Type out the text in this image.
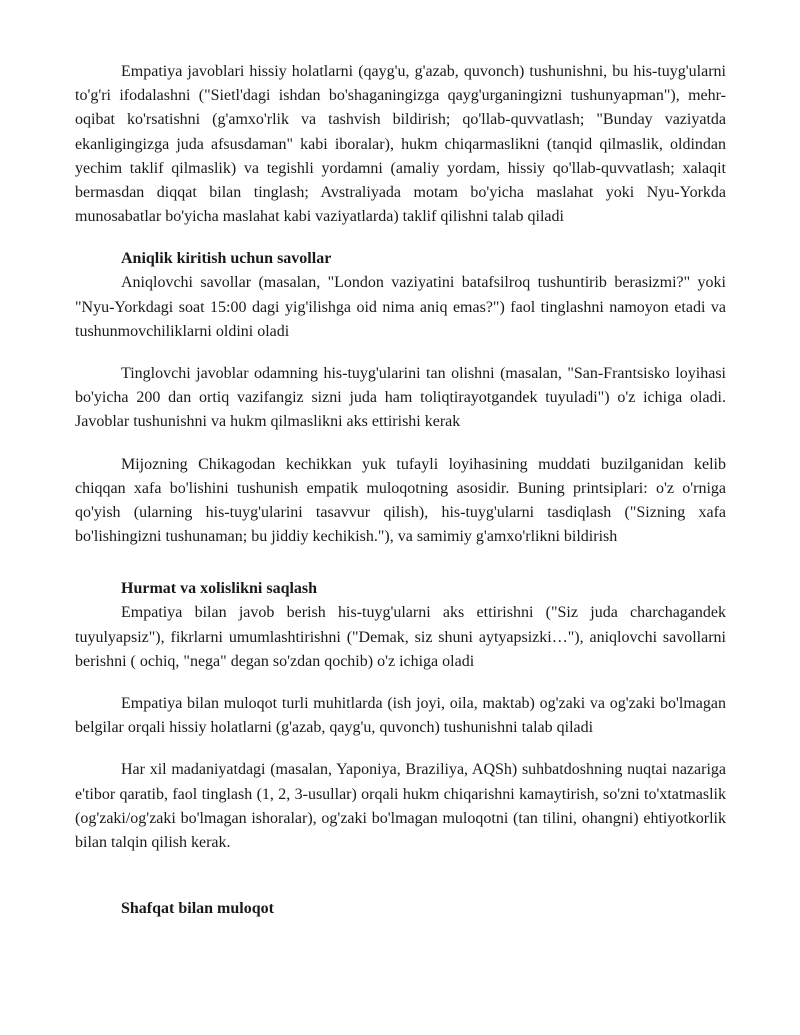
Empatiya javoblari hissiy holatlarni (qayg'u, g'azab, quvonch) tushunishni, bu his-tuyg'ularni to'g'ri ifodalashni ("Sietl'dagi ishdan bo'shaganingizga qayg'urganingizni tushunyapman"), mehr-oqibat ko'rsatishni (g'amxo'rlik va tashvish bildirish; qo'llab-quvvatlash; "Bunday vaziyatda ekanligingizga juda afsusdaman" kabi iboralar), hukm chiqarmaslikni (tanqid qilmaslik, oldindan yechim taklif qilmaslik) va tegishli yordamni (amaliy yordam, hissiy qo'llab-quvvatlash; xalaqit bermasdan diqqat bilan tinglash; Avstraliyada motam bo'yicha maslahat yoki Nyu-Yorkda munosabatlar bo'yicha maslahat kabi vaziyatlarda) taklif qilishni talab qiladi

Aniqlik kiritish uchun savollar

Aniqlovchi savollar (masalan, "London vaziyatini batafsilroq tushuntirib berasizmi?" yoki "Nyu-Yorkdagi soat 15:00 dagi yig'ilishga oid nima aniq emas?") faol tinglashni namoyon etadi va tushunmovchiliklarni oldini oladi

Tinglovchi javoblar odamning his-tuyg'ularini tan olishni (masalan, "San-Frantsisko loyihasi bo'yicha 200 dan ortiq vazifangiz sizni juda ham toliqtirayotgandek tuyuladi") o'z ichiga oladi. Javoblar tushunishni va hukm qilmaslikni aks ettirishi kerak

Mijozning Chikagodan kechikkan yuk tufayli loyihasining muddati buzilganidan kelib chiqqan xafa bo'lishini tushunish empatik muloqotning asosidir. Buning printsiplari: o'z o'rniga qo'yish (ularning his-tuyg'ularini tasavvur qilish), his-tuyg'ularni tasdiqlash ("Sizning xafa bo'lishingizni tushunaman; bu jiddiy kechikish."), va samimiy g'amxo'rlikni bildirish

Hurmat va xolislikni saqlash

Empatiya bilan javob berish his-tuyg'ularni aks ettirishni ("Siz juda charchagandek tuyulyapsiz"), fikrlarni umumlashtirishni ("Demak, siz shuni aytyapsizki…"), aniqlovchi savollarni berishni ( ochiq, "nega" degan so'zdan qochib) o'z ichiga oladi

Empatiya bilan muloqot turli muhitlarda (ish joyi, oila, maktab) og'zaki va og'zaki bo'lmagan belgilar orqali hissiy holatlarni (g'azab, qayg'u, quvonch) tushunishni talab qiladi

Har xil madaniyatdagi (masalan, Yaponiya, Braziliya, AQSh) suhbatdoshning nuqtai nazariga e'tibor qaratib, faol tinglash (1, 2, 3-usullar) orqali hukm chiqarishni kamaytirish, so'zni to'xtatmaslik (og'zaki/og'zaki bo'lmagan ishoralar), og'zaki bo'lmagan muloqotni (tan tilini, ohangni) ehtiyotkorlik bilan talqin qilish kerak.

Shafqat bilan muloqot
